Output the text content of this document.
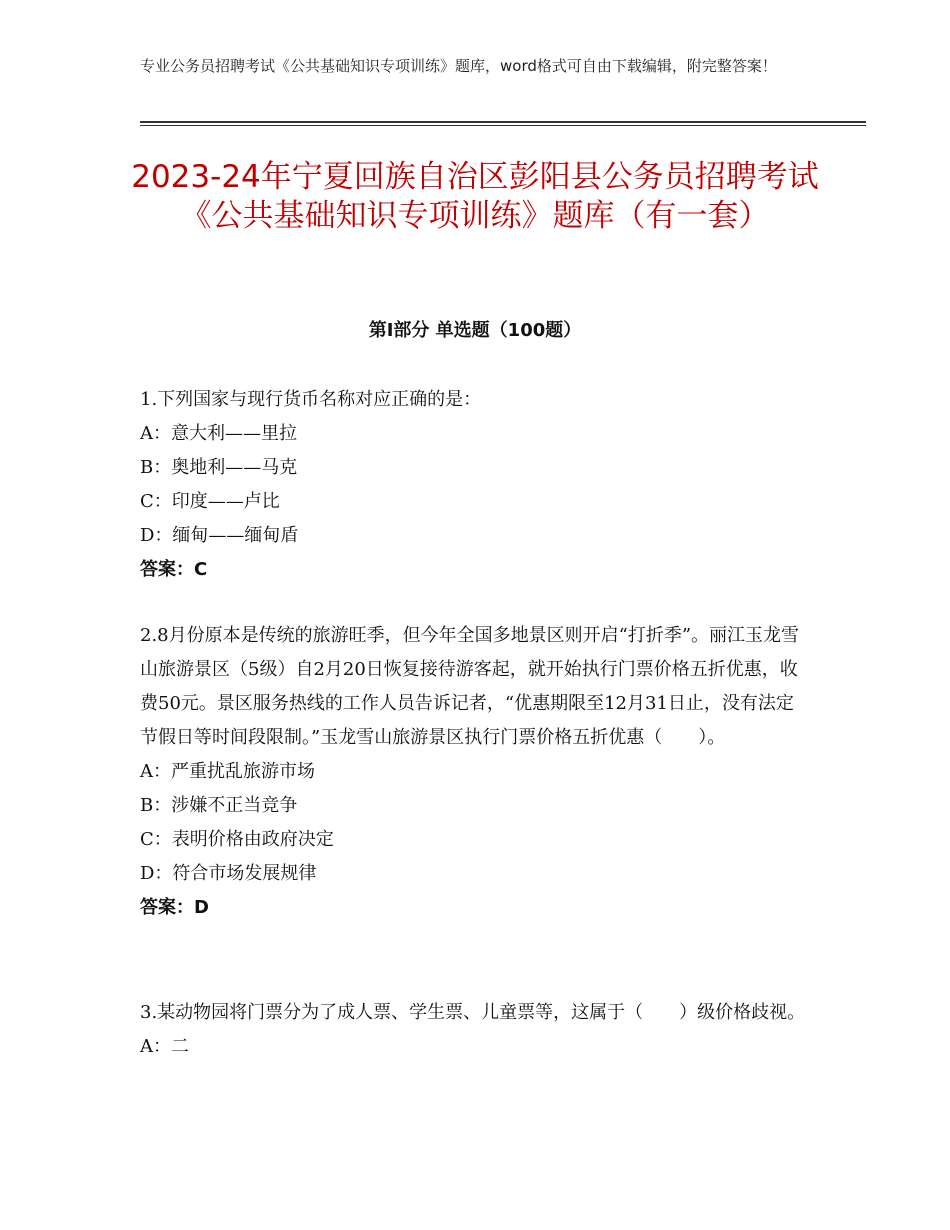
专业公务员招聘考试《公共基础知识专项训练》题库，word格式可自由下载编辑，附完整答案！
2023-24年宁夏回族自治区彭阳县公务员招聘考试《公共基础知识专项训练》题库（有一套）
第Ⅰ部分 单选题（100题）

1.下列国家与现行货币名称对应正确的是：

A：意大利——里拉

B：奥地利——马克

C：印度——卢比

D：缅甸——缅甸盾

答案：C

2.8月份原本是传统的旅游旺季，但今年全国多地景区则开启“打折季”。丽江玉龙雪山旅游景区（5级）自2月20日恢复接待游客起，就开始执行门票价格五折优惠，收费50元。景区服务热线的工作人员告诉记者，“优惠期限至12月31日止，没有法定节假日等时间段限制。”玉龙雪山旅游景区执行门票价格五折优惠（　　）。

A：严重扰乱旅游市场

B：涉嫌不正当竞争

C：表明价格由政府决定

D：符合市场发展规律

答案：D

3.某动物园将门票分为了成人票、学生票、儿童票等，这属于（　　）级价格歧视。

A：二
